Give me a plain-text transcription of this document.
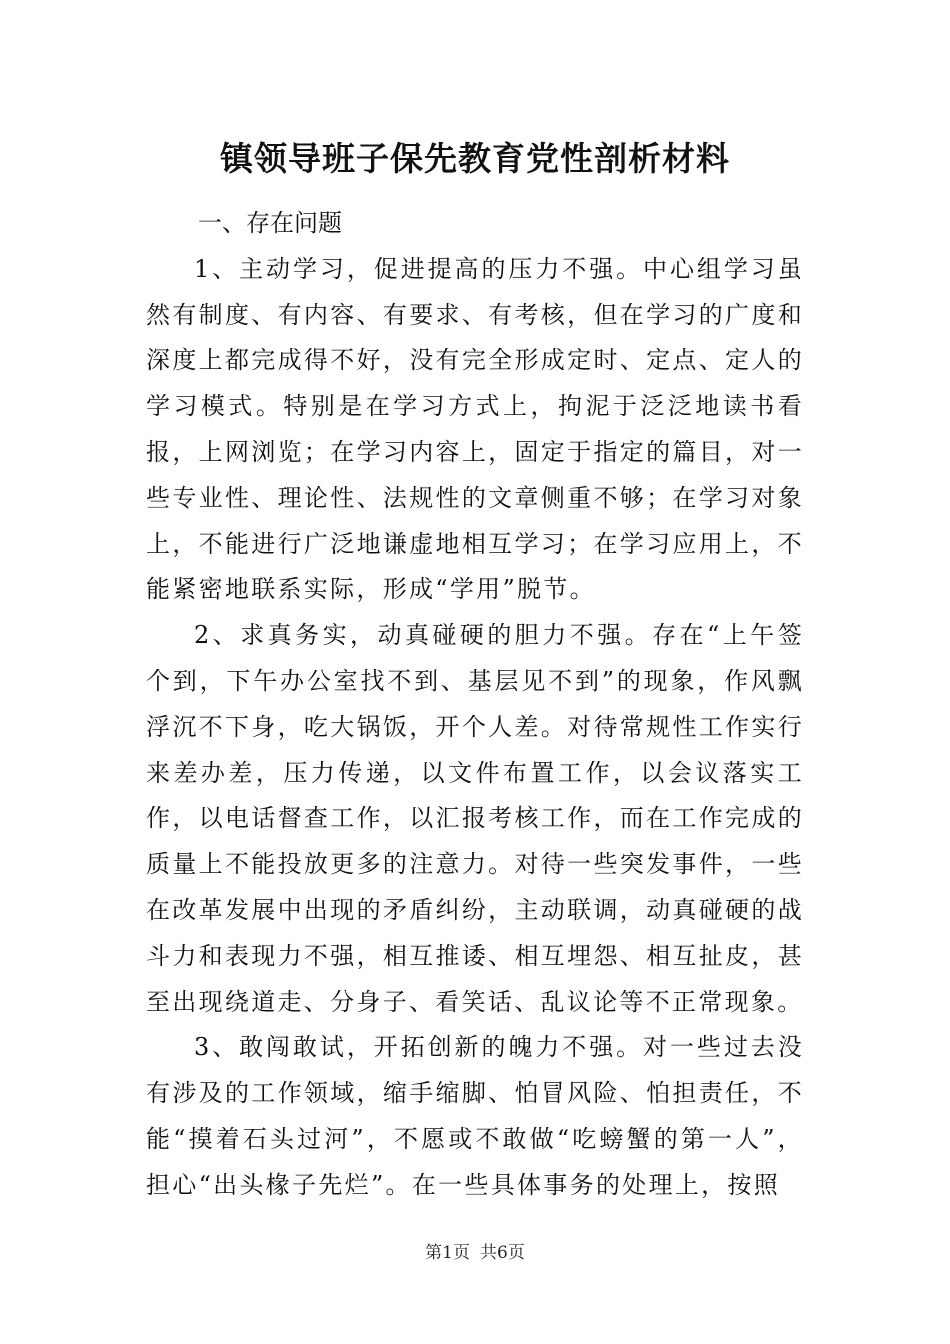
镇领导班子保先教育党性剖析材料
一、存在问题

1、主动学习，促进提高的压力不强。中心组学习虽然有制度、有内容、有要求、有考核，但在学习的广度和深度上都完成得不好，没有完全形成定时、定点、定人的学习模式。特别是在学习方式上，拘泥于泛泛地读书看报，上网浏览；在学习内容上，固定于指定的篇目，对一些专业性、理论性、法规性的文章侧重不够；在学习对象上，不能进行广泛地谦虚地相互学习；在学习应用上，不能紧密地联系实际，形成“学用”脱节。

2、求真务实，动真碰硬的胆力不强。存在“上午签个到，下午办公室找不到、基层见不到”的现象，作风飘浮沉不下身，吃大锅饭，开个人差。对待常规性工作实行来差办差，压力传递，以文件布置工作，以会议落实工作，以电话督查工作，以汇报考核工作，而在工作完成的质量上不能投放更多的注意力。对待一些突发事件，一些在改革发展中出现的矛盾纠纷，主动联调，动真碰硬的战斗力和表现力不强，相互推诿、相互埋怨、相互扯皮，甚至出现绕道走、分身子、看笑话、乱议论等不正常现象。

3、敢闯敢试，开拓创新的魄力不强。对一些过去没有涉及的工作领域，缩手缩脚、怕冒风险、怕担责任，不能“摸着石头过河”，不愿或不敢做“吃螃蟹的第一人”，担心“出头椽子先烂”。在一些具体事务的处理上，按照

第1页 共6页
